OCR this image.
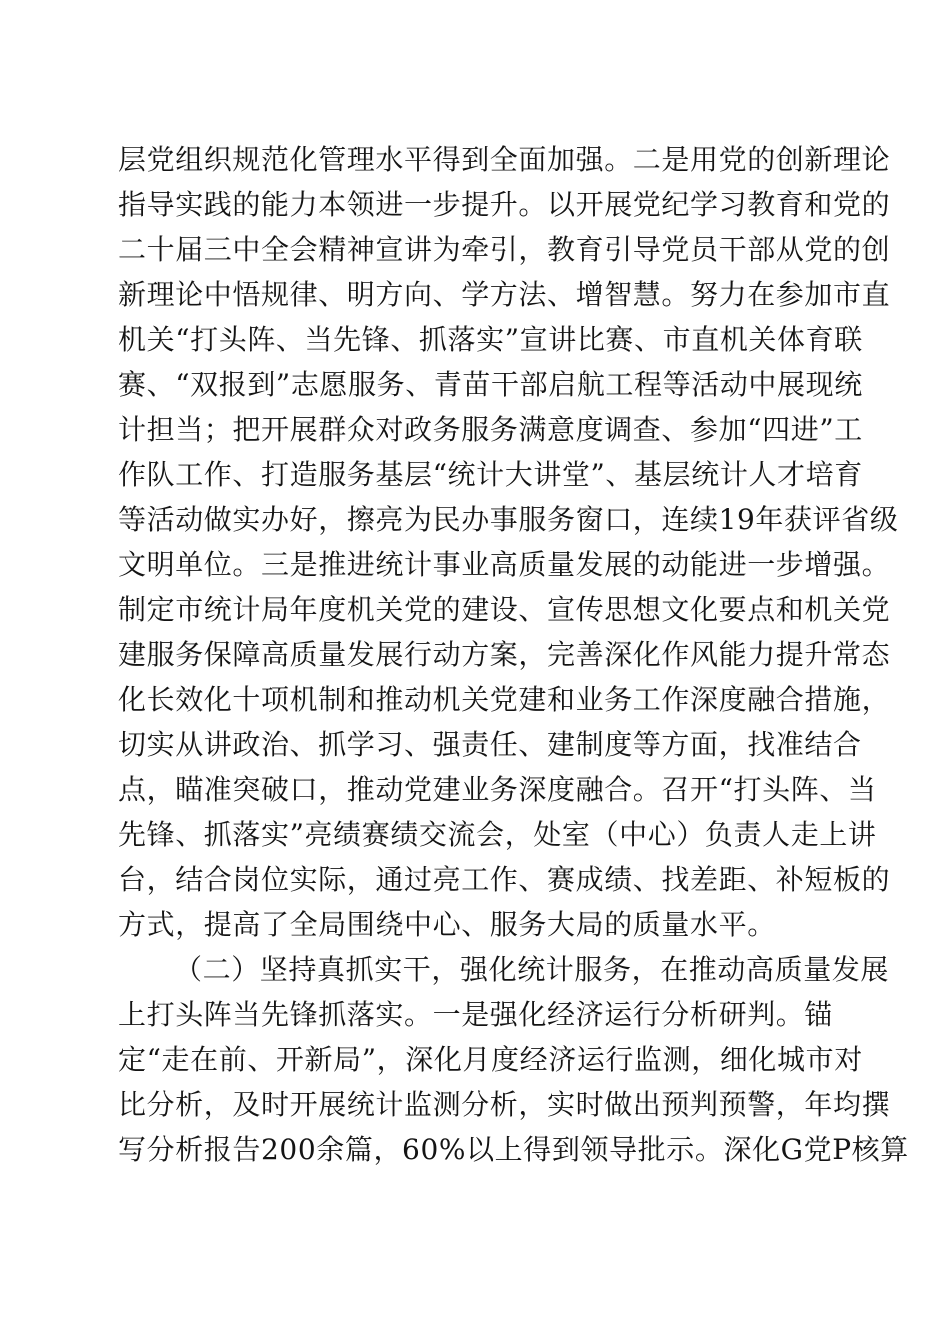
层党组织规范化管理水平得到全面加强。二是用党的创新理论
指导实践的能力本领进一步提升。以开展党纪学习教育和党的
二十届三中全会精神宣讲为牵引，教育引导党员干部从党的创
新理论中悟规律、明方向、学方法、增智慧。努力在参加市直
机关“打头阵、当先锋、抓落实”宣讲比赛、市直机关体育联
赛、“双报到”志愿服务、青苗干部启航工程等活动中展现统
计担当；把开展群众对政务服务满意度调查、参加“四进”工
作队工作、打造服务基层“统计大讲堂”、基层统计人才培育
等活动做实办好，擦亮为民办事服务窗口，连续19年获评省级
文明单位。三是推进统计事业高质量发展的动能进一步增强。
制定市统计局年度机关党的建设、宣传思想文化要点和机关党
建服务保障高质量发展行动方案，完善深化作风能力提升常态
化长效化十项机制和推动机关党建和业务工作深度融合措施，
切实从讲政治、抓学习、强责任、建制度等方面，找准结合
点，瞄准突破口，推动党建业务深度融合。召开“打头阵、当
先锋、抓落实”亮绩赛绩交流会，处室（中心）负责人走上讲
台，结合岗位实际，通过亮工作、赛成绩、找差距、补短板的
方式，提高了全局围绕中心、服务大局的质量水平。
（二）坚持真抓实干，强化统计服务，在推动高质量发展
上打头阵当先锋抓落实。一是强化经济运行分析研判。锚
定“走在前、开新局”，深化月度经济运行监测，细化城市对
比分析，及时开展统计监测分析，实时做出预判预警，年均撰
写分析报告200余篇，60%以上得到领导批示。深化G党P核算
